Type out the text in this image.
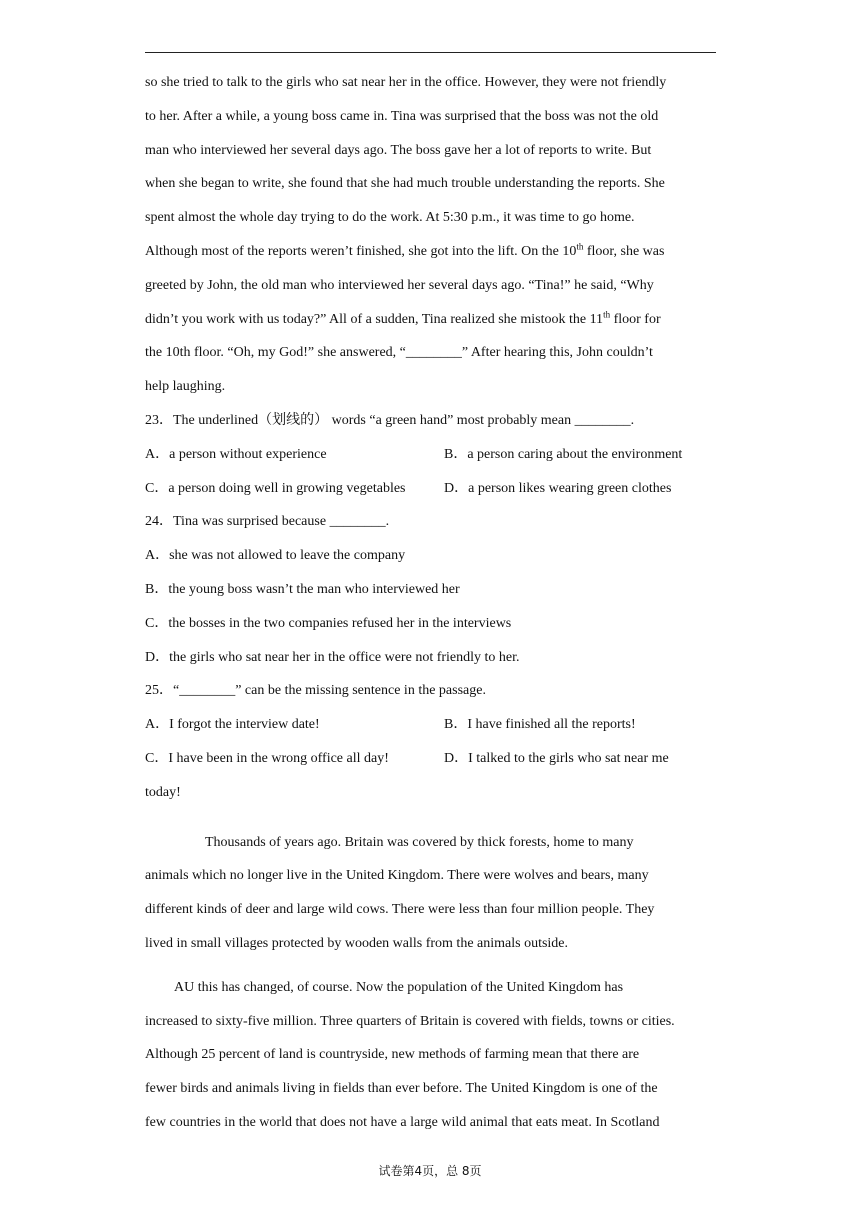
so she tried to talk to the girls who sat near her in the office. However, they were not friendly
to her. After a while, a young boss came in. Tina was surprised that the boss was not the old
man who interviewed her several days ago. The boss gave her a lot of reports to write. But
when she began to write, she found that she had much trouble understanding the reports. She
spent almost the whole day trying to do the work. At 5:30 p.m., it was time to go home.
Although most of the reports weren’t finished, she got into the lift. On the 10th floor, she was
greeted by John, the old man who interviewed her several days ago. “Tina!” he said, “Why
didn’t you work with us today?” All of a sudden, Tina realized she mistook the 11th floor for
the 10th floor. “Oh, my God!” she answered, “________” After hearing this, John couldn’t
help laughing.
23．The underlined（划线的） words “a green hand” most probably mean ________.
A．a person without experience	B．a person caring about the environment
C．a person doing well in growing vegetables	D．a person likes wearing green clothes
24．Tina was surprised because ________.
A．she was not allowed to leave the company
B．the young boss wasn’t the man who interviewed her
C．the bosses in the two companies refused her in the interviews
D．the girls who sat near her in the office were not friendly to her.
25．“________” can be the missing sentence in the passage.
A．I forgot the interview date!	B．I have finished all the reports!
C．I have been in the wrong office all day!	D．I talked to the girls who sat near me
today!
Thousands of years ago. Britain was covered by thick forests, home to many
animals which no longer live in the United Kingdom. There were wolves and bears, many
different kinds of deer and large wild cows. There were less than four million people. They
lived in small villages protected by wooden walls from the animals outside.
AU this has changed, of course. Now the population of the United Kingdom has
increased to sixty-five million. Three quarters of Britain is covered with fields, towns or cities.
Although 25 percent of land is countryside, new methods of farming mean that there are
fewer birds and animals living in fields than ever before. The United Kingdom is one of the
few countries in the world that does not have a large wild animal that eats meat. In Scotland
试卷第4页，总 8页
